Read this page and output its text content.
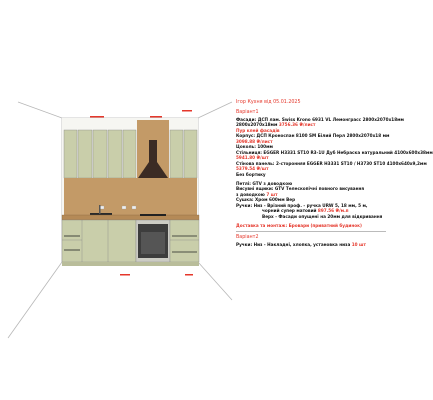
Ігор Кухня від 05.01.2025
Варіант1
Фасади: ДСП лам. Swiss Krono 6931 VL Лемонграсс 2800х2070х18мм
2800х2070х18мм 3756.36 ₴/лист
Пур клей фасадів
Корпус: ДСП Кроноспан 8100 SM Білий Перл 2800х2070х18 мм
3098.88 ₴/лист
Цоколь: 100мм
Стільниця: EGGER H3331 ST10 R3-1U Дуб Небраска натуральний 4100х600х38мм
5941.80 ₴/шт
Стінова панель: 2-сторонняя EGGER H3331 ST10 / H3730 ST10 4100х640х9,2мм
5379.54 ₴/шт
Без бортику
Петлі: GTV з доводкою
Висувні ящики: GTV Телескопічні повного висування
з доводкою 7 шт
Сушка: Хром 600мм Вер
Ручки: Низ - Врізний проф. - ручка URW 5, 18 мм, 5 м,
чорний супер матовий 897.56 ₴/м.п
Верх - Фасади опущені на 20мм для відкривання
Доставка та монтаж: Бровари (приватний будинок)
Варіант2
Ручки: Низ - Накладні, хлопка, установка низа 10 шт
